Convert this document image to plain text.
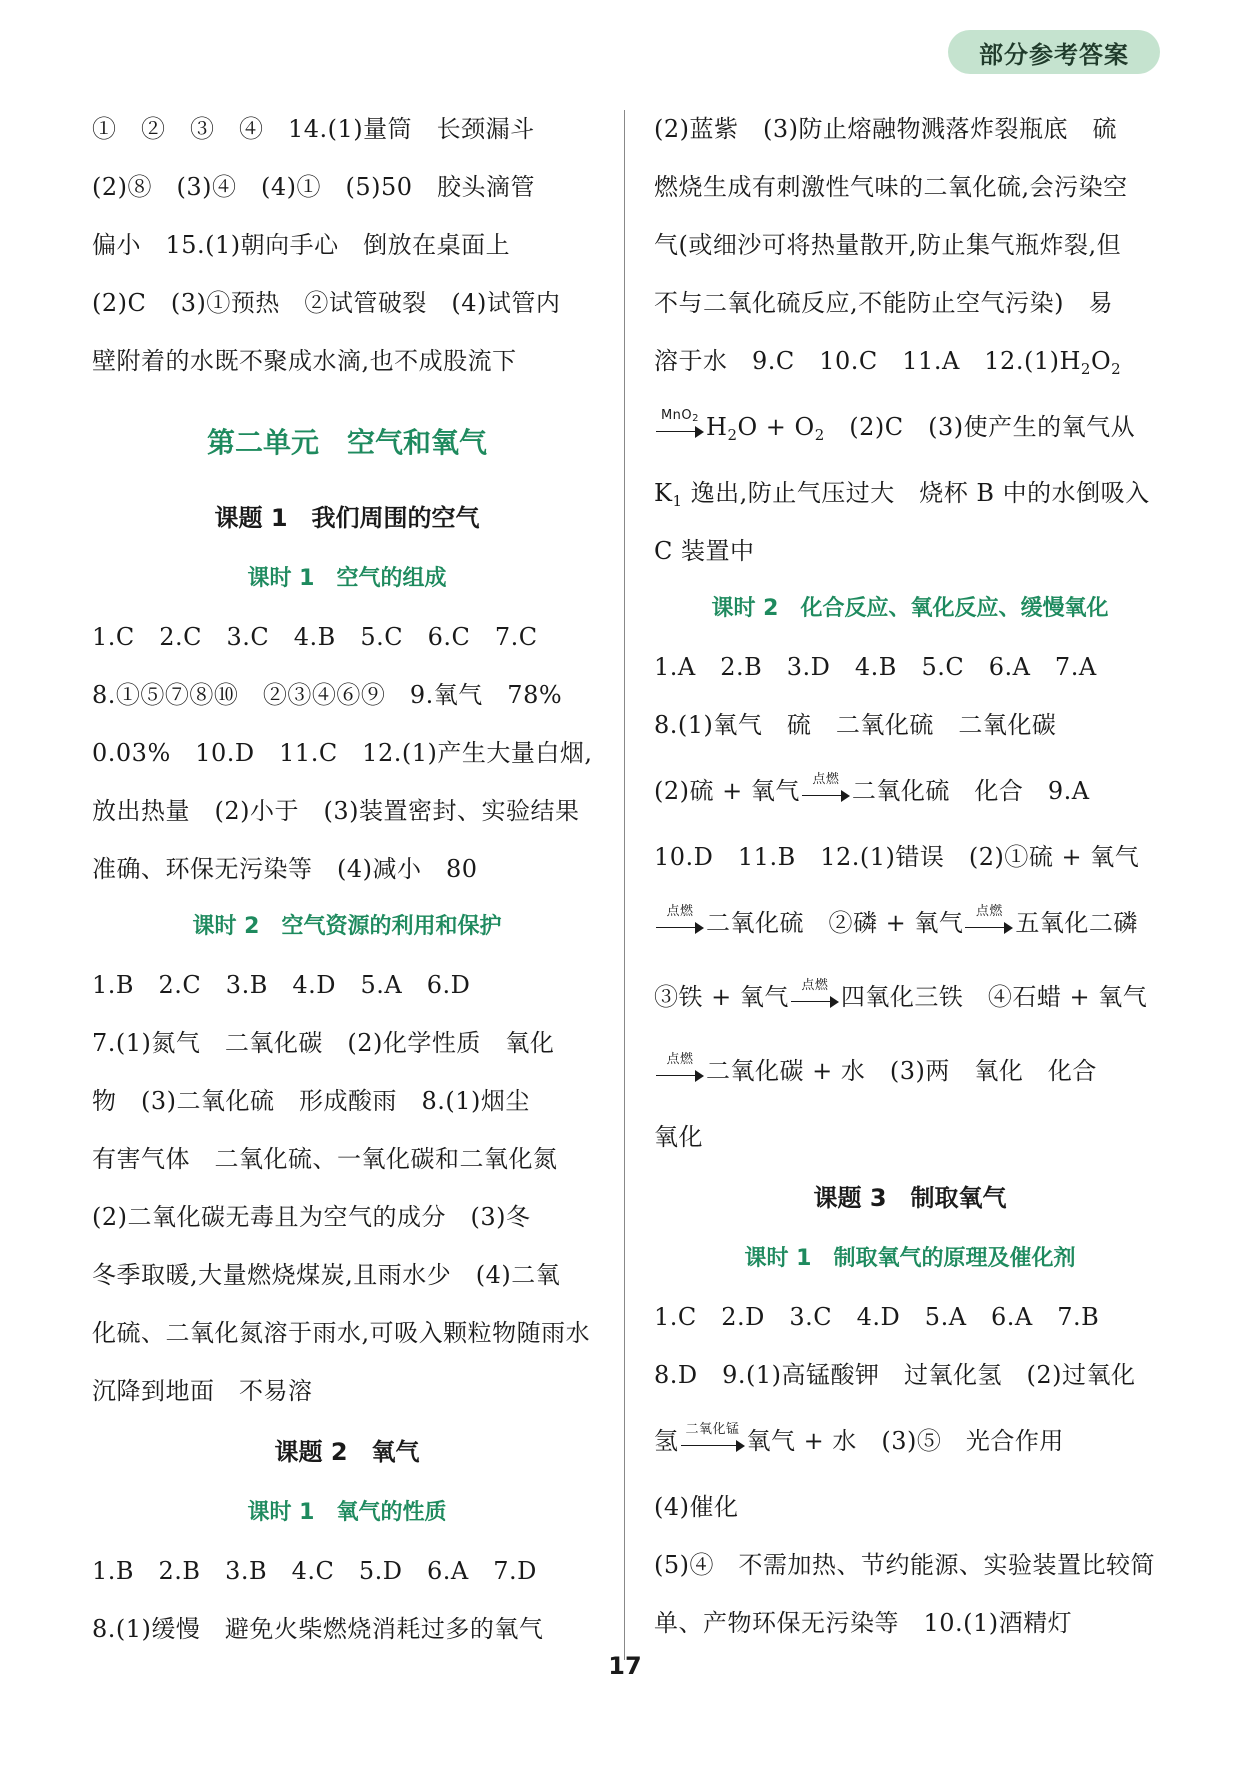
部分参考答案
①　②　③　④　14.(1)量筒　长颈漏斗
(2)⑧　(3)④　(4)①　(5)50　胶头滴管
偏小　15.(1)朝向手心　倒放在桌面上
(2)C　(3)①预热　②试管破裂　(4)试管内
壁附着的水既不聚成水滴,也不成股流下
第二单元　空气和氧气
课题 1　我们周围的空气
课时 1　空气的组成
1.C　2.C　3.C　4.B　5.C　6.C　7.C
8.①⑤⑦⑧⑩　②③④⑥⑨　9.氧气　78%
0.03%　10.D　11.C　12.(1)产生大量白烟,
放出热量　(2)小于　(3)装置密封、实验结果
准确、环保无污染等　(4)减小　80
课时 2　空气资源的利用和保护
1.B　2.C　3.B　4.D　5.A　6.D
7.(1)氮气　二氧化碳　(2)化学性质　氧化
物　(3)二氧化硫　形成酸雨　8.(1)烟尘
有害气体　二氧化硫、一氧化碳和二氧化氮
(2)二氧化碳无毒且为空气的成分　(3)冬
冬季取暖,大量燃烧煤炭,且雨水少　(4)二氧
化硫、二氧化氮溶于雨水,可吸入颗粒物随雨水
沉降到地面　不易溶
课题 2　氧气
课时 1　氧气的性质
1.B　2.B　3.B　4.C　5.D　6.A　7.D
8.(1)缓慢　避免火柴燃烧消耗过多的氧气
(2)蓝紫　(3)防止熔融物溅落炸裂瓶底　硫
燃烧生成有刺激性气味的二氧化硫,会污染空
气(或细沙可将热量散开,防止集气瓶炸裂,但
不与二氧化硫反应,不能防止空气污染)　易
溶于水　9.C　10.C　11.A　$12.(1)H_2O_2$
MnO$_2$ $H_2O + O_2$　(2)C　(3)使产生的氧气从
$K_1$ 逸出,防止气压过大　烧杯 B 中的水倒吸入
C 装置中
课时 2　化合反应、氧化反应、缓慢氧化
1.A　2.B　3.D　4.B　5.C　6.A　7.A
8.(1)氧气　硫　二氧化硫　二氧化碳
(2)硫 + 氧气 点燃 二氧化硫　化合　9.A
10.D　11.B　12.(1)错误　(2)①硫 + 氧气
点燃 二氧化硫　②磷 + 氧气 点燃 五氧化二磷
③铁 + 氧气 点燃 四氧化三铁　④石蜡 + 氧气
点燃 二氧化碳 + 水　(3)两　氧化　化合
氧化
课题 3　制取氧气
课时 1　制取氧气的原理及催化剂
1.C　2.D　3.C　4.D　5.A　6.A　7.B
8.D　9.(1)高锰酸钾　过氧化氢　(2)过氧化
氢 二氧化锰 氧气 + 水　(3)⑤　光合作用
(4)催化
(5)④　不需加热、节约能源、实验装置比较简
单、产物环保无污染等　10.(1)酒精灯
17
